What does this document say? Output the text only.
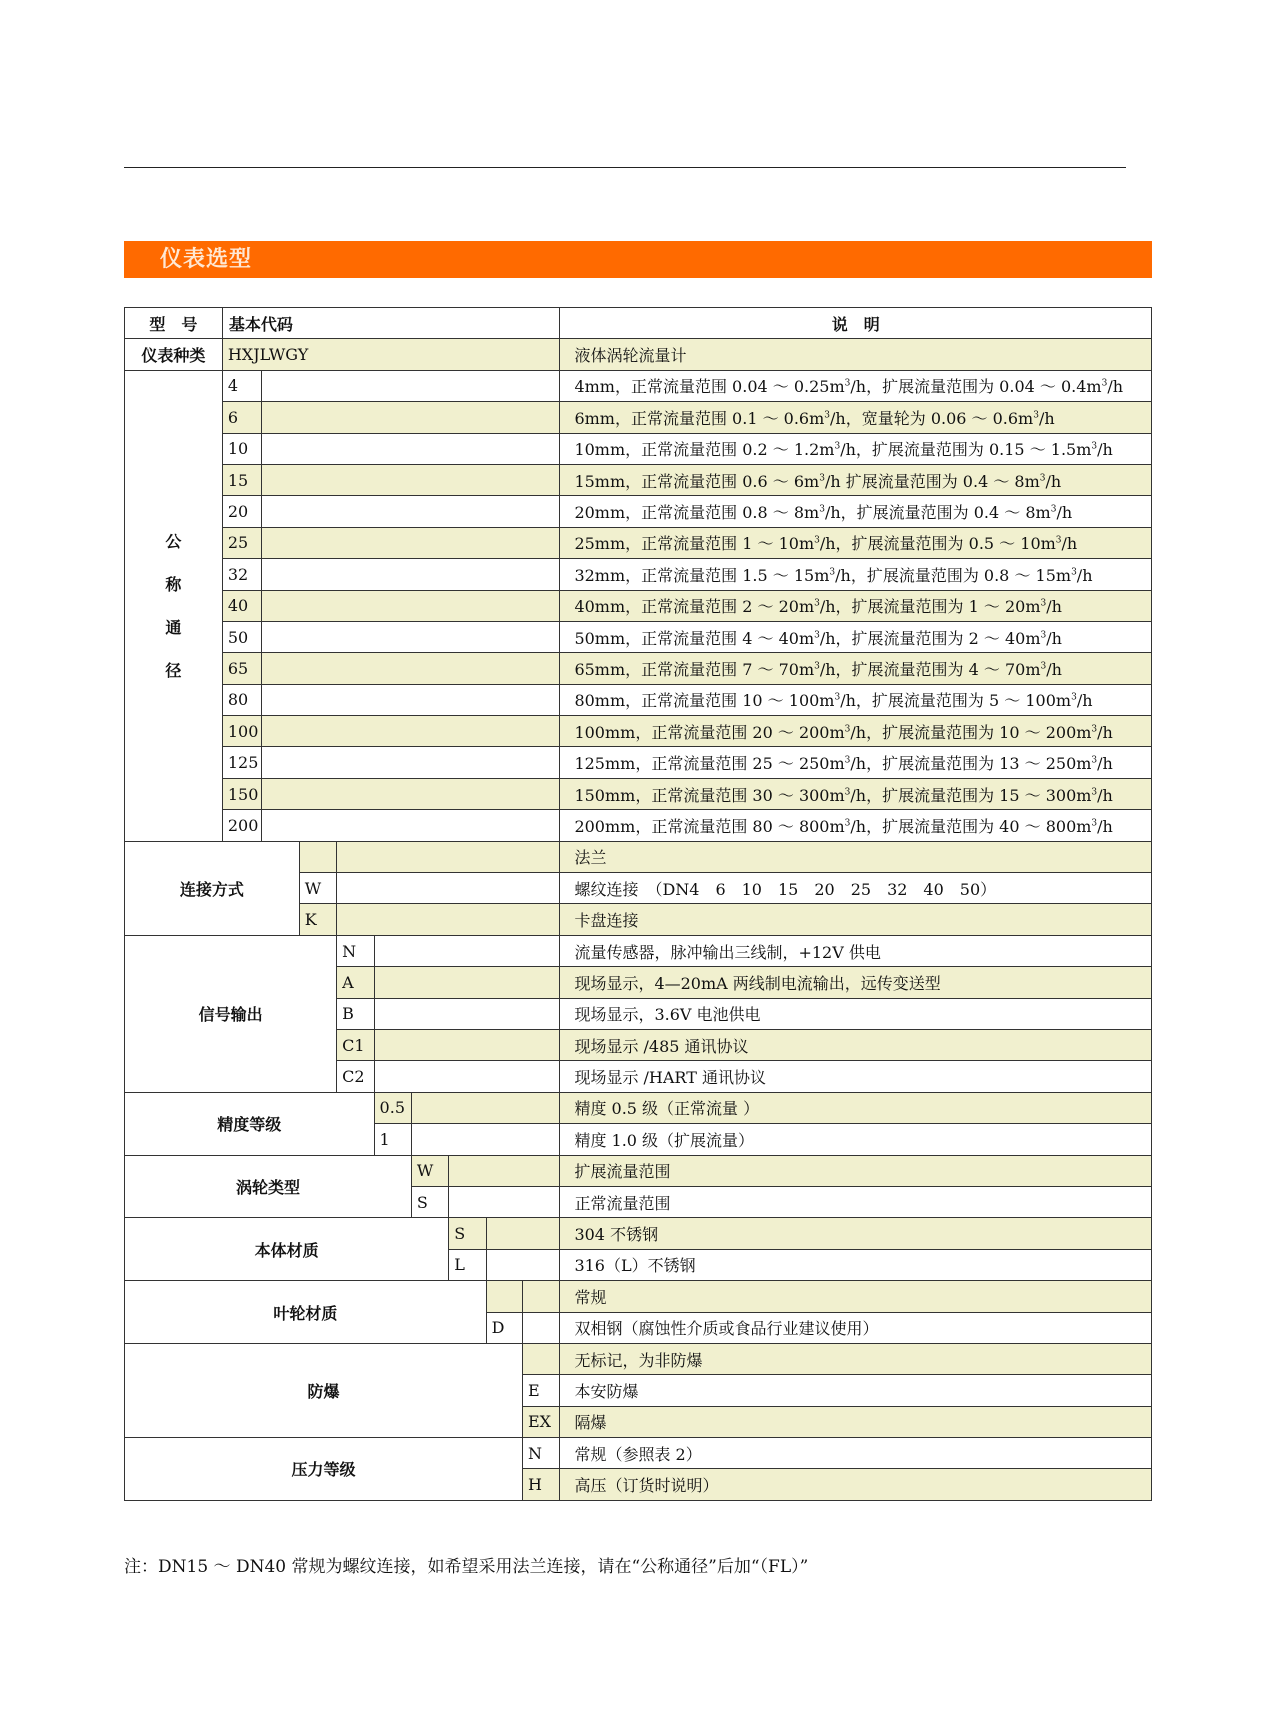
仪表选型
型　号	基本代码									说　明
仪表种类	HXJLWGY									液体涡轮流量计

公
称
通
径	4									4mm，正常流量范围 0.04 ～ $0.25m^3/h$，扩展流量范围为 0.04 ～ $0.4m^3/h$
	6									6mm，正常流量范围 0.1 ～ $0.6m^3/h$，宽量轮为 0.06 ～ $0.6m^3/h$
	10									10mm，正常流量范围 0.2 ～ $1.2m^3/h$，扩展流量范围为 0.15 ～ $1.5m^3/h$
	15									15mm，正常流量范围 0.6 ～ $6m^3/h$ 扩展流量范围为 0.4 ～ $8m^3/h$
	20									20mm，正常流量范围 0.8 ～ $8m^3/h$，扩展流量范围为 0.4 ～ $8m^3/h$
	25									25mm，正常流量范围 1 ～ $10m^3/h$，扩展流量范围为 0.5 ～ $10m^3/h$
	32									32mm，正常流量范围 1.5 ～ $15m^3/h$，扩展流量范围为 0.8 ～ $15m^3/h$
	40									40mm，正常流量范围 2 ～ $20m^3/h$，扩展流量范围为 1 ～ $20m^3/h$
	50									50mm，正常流量范围 4 ～ $40m^3/h$，扩展流量范围为 2 ～ $40m^3/h$
	65									65mm，正常流量范围 7 ～ $70m^3/h$，扩展流量范围为 4 ～ $70m^3/h$
	80									80mm，正常流量范围 10 ～ $100m^3/h$，扩展流量范围为 5 ～ $100m^3/h$
	100									100mm，正常流量范围 20 ～ $200m^3/h$，扩展流量范围为 10 ～ $200m^3/h$
	125									125mm，正常流量范围 25 ～ $250m^3/h$，扩展流量范围为 13 ～ $250m^3/h$
	150									150mm，正常流量范围 30 ～ $300m^3/h$，扩展流量范围为 15 ～ $300m^3/h$
	200									200mm，正常流量范围 80 ～ $800m^3/h$，扩展流量范围为 40 ～ $800m^3/h$
连接方式										法兰
			W							螺纹连接　（DN4　6　10　15　20　25　32　40　50）
			K							卡盘连接
信号输出				N						流量传感器，脉冲输出三线制，+12V 供电
				A						现场显示，4—20mA 两线制电流输出，远传变送型
				B						现场显示，3.6V 电池供电
				C1						现场显示 /485 通讯协议
				C2						现场显示 /HART 通讯协议
精度等级					0.5					精度 0.5 级（正常流量 ）
					1					精度 1.0 级（扩展流量）
涡轮类型						W				扩展流量范围
						S				正常流量范围
本体材质							S			304 不锈钢
							L			316（L）不锈钢
叶轮材质										常规
								D		双相钢（腐蚀性介质或食品行业建议使用）
防爆										无标记，为非防爆
									E	本安防爆
									EX	隔爆
压力等级									N	常规（参照表 2）
									H	高压（订货时说明）
注：DN15 ～ DN40 常规为螺纹连接，如希望采用法兰连接，请在“公称通径”后加“（FL）”
